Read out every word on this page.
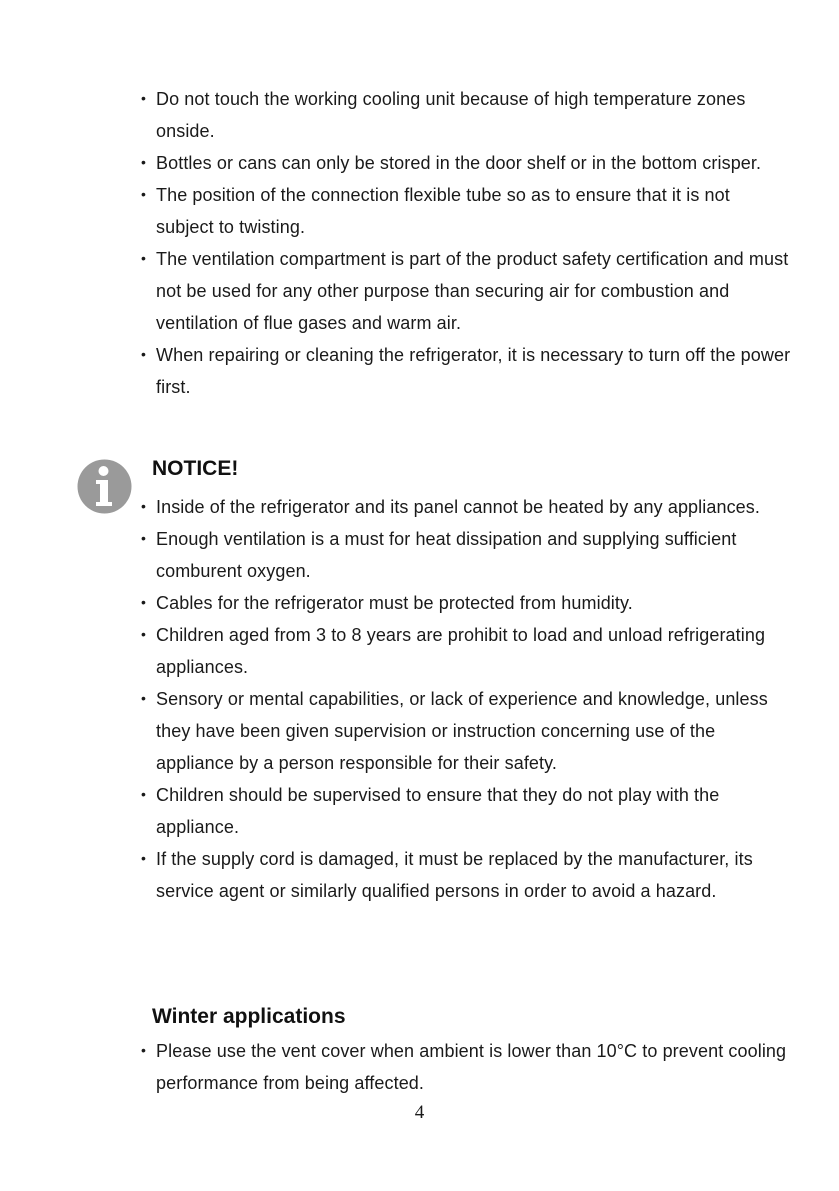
• Do not touch the working cooling unit because of high temperature zones onside.
• Bottles or cans can only be stored in the door shelf or in the bottom crisper.
• The position of the connection flexible tube so as to ensure that it is not subject to twisting.
• The ventilation compartment is part of the product safety certification and must not be used for any other purpose than securing air for combustion and ventilation of flue gases and warm air.
• When repairing or cleaning the refrigerator, it is necessary to turn off the power first.
NOTICE!
• Inside of the refrigerator and its panel cannot be heated by any appliances.
• Enough ventilation is a must for heat dissipation and supplying sufficient comburent oxygen.
• Cables for the refrigerator must be protected from humidity.
• Children aged from 3 to 8 years are prohibit to load and unload refrigerating appliances.
• Sensory or mental capabilities, or lack of experience and knowledge, unless they have been given supervision or instruction concerning use of the appliance by a person responsible for their safety.
• Children should be supervised to ensure that they do not play with the appliance.
• If the supply cord is damaged, it must be replaced by the manufacturer, its service agent or similarly qualified persons in order to avoid a hazard.
Winter applications
• Please use the vent cover when ambient is lower than 10°C to prevent cooling performance from being affected.
4
